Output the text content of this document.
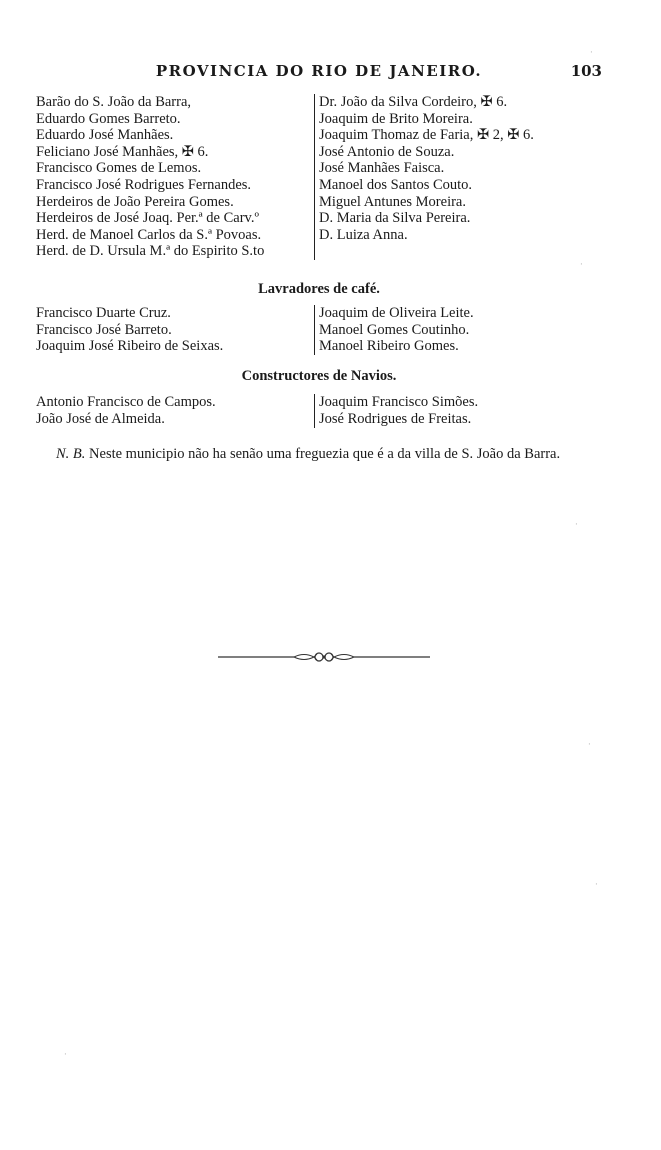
PROVINCIA DO RIO DE JANEIRO.	103
Barão do S. João da Barra,
Eduardo Gomes Barreto.
Eduardo José Manhães.
Feliciano José Manhães, ✠ 6.
Francisco Gomes de Lemos.
Francisco José Rodrigues Fernandes.
Herdeiros de João Pereira Gomes.
Herdeiros de José Joaq. Per.ª de Carv.º
Herd. de Manoel Carlos da S.ª Povoas.
Herd. de D. Ursula M.ª do Espirito S.to
Dr. João da Silva Cordeiro, ✠ 6.
Joaquim de Brito Moreira.
Joaquim Thomaz de Faria, ✠ 2, ✠ 6.
José Antonio de Souza.
José Manhães Faisca.
Manoel dos Santos Couto.
Miguel Antunes Moreira.
D. Maria da Silva Pereira.
D. Luiza Anna.
Lavradores de café.
Francisco Duarte Cruz.
Francisco José Barreto.
Joaquim José Ribeiro de Seixas.
Joaquim de Oliveira Leite.
Manoel Gomes Coutinho.
Manoel Ribeiro Gomes.
Constructores de Navios.
Antonio Francisco de Campos.
João José de Almeida.
Joaquim Francisco Simões.
José Rodrigues de Freitas.
N. B. Neste municipio não ha senão uma freguezia que é a da villa de S. João da Barra.
·
·
·
·
·
·
